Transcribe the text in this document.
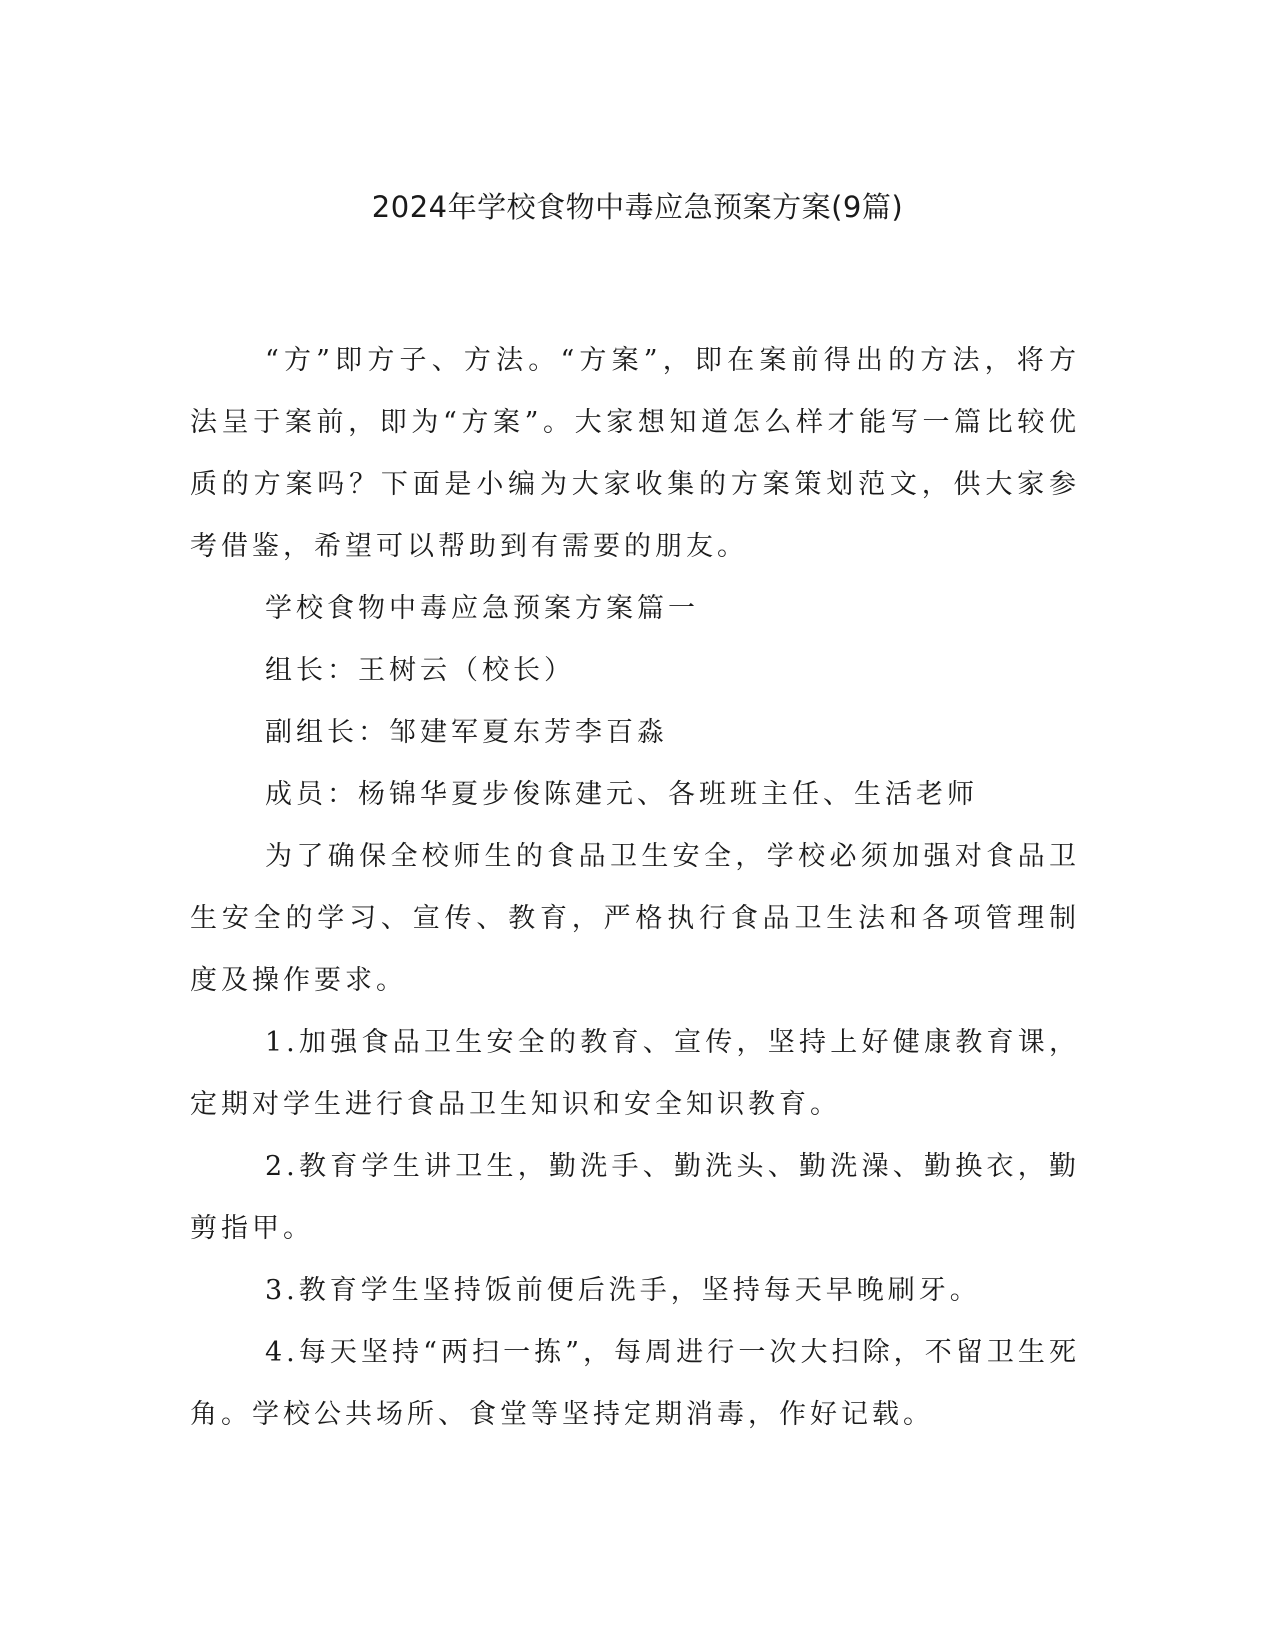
2024年学校食物中毒应急预案方案(9篇)

“方”即方子、方法。“方案”，即在案前得出的方法，将方法呈于案前，即为“方案”。大家想知道怎么样才能写一篇比较优质的方案吗？下面是小编为大家收集的方案策划范文，供大家参考借鉴，希望可以帮助到有需要的朋友。

学校食物中毒应急预案方案篇一

组长：王树云（校长）

副组长：邹建军夏东芳李百淼

成员：杨锦华夏步俊陈建元、各班班主任、生活老师

为了确保全校师生的食品卫生安全，学校必须加强对食品卫生安全的学习、宣传、教育，严格执行食品卫生法和各项管理制度及操作要求。

1.加强食品卫生安全的教育、宣传，坚持上好健康教育课，定期对学生进行食品卫生知识和安全知识教育。

2.教育学生讲卫生，勤洗手、勤洗头、勤洗澡、勤换衣，勤剪指甲。

3.教育学生坚持饭前便后洗手，坚持每天早晚刷牙。

4.每天坚持“两扫一拣”，每周进行一次大扫除，不留卫生死角。学校公共场所、食堂等坚持定期消毒，作好记载。
